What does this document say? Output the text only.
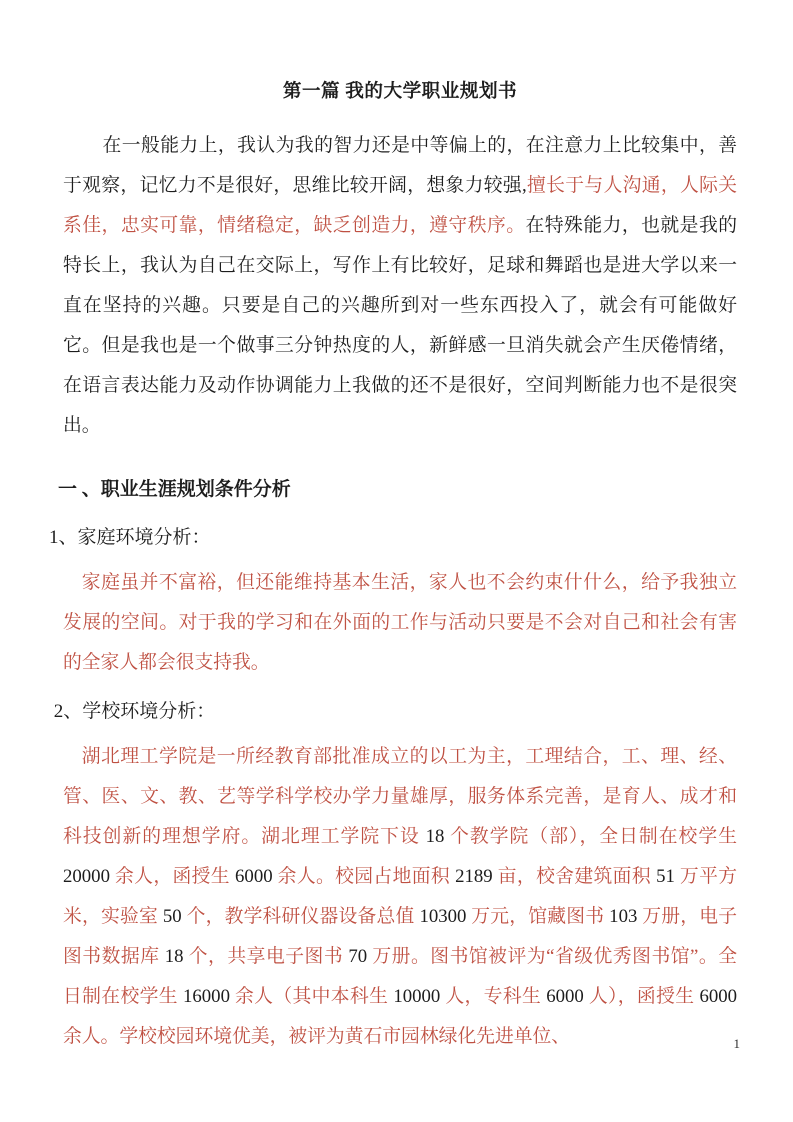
第一篇 我的大学职业规划书
在一般能力上，我认为我的智力还是中等偏上的，在注意力上比较集中，善于观察，记忆力不是很好，思维比较开阔，想象力较强,擅长于与人沟通，人际关系佳，忠实可靠，情绪稳定，缺乏创造力，遵守秩序。在特殊能力，也就是我的特长上，我认为自己在交际上，写作上有比较好，足球和舞蹈也是进大学以来一直在坚持的兴趣。只要是自己的兴趣所到对一些东西投入了，就会有可能做好它。但是我也是一个做事三分钟热度的人，新鲜感一旦消失就会产生厌倦情绪，在语言表达能力及动作协调能力上我做的还不是很好，空间判断能力也不是很突出。
一 、职业生涯规划条件分析
1、家庭环境分析：
家庭虽并不富裕，但还能维持基本生活，家人也不会约束什什么，给予我独立发展的空间。对于我的学习和在外面的工作与活动只要是不会对自己和社会有害的全家人都会很支持我。
2、学校环境分析：
湖北理工学院是一所经教育部批准成立的以工为主，工理结合，工、理、经、管、医、文、教、艺等学科学校办学力量雄厚，服务体系完善，是育人、成才和科技创新的理想学府。湖北理工学院下设 18 个教学院（部），全日制在校学生 20000 余人，函授生 6000 余人。校园占地面积 2189 亩，校舍建筑面积 51 万平方米，实验室 50 个，教学科研仪器设备总值 10300 万元，馆藏图书 103 万册，电子图书数据库 18 个，共享电子图书 70 万册。图书馆被评为“省级优秀图书馆”。全日制在校学生 16000 余人（其中本科生 10000 人，专科生 6000 人），函授生 6000 余人。学校校园环境优美，被评为黄石市园林绿化先进单位、	1
